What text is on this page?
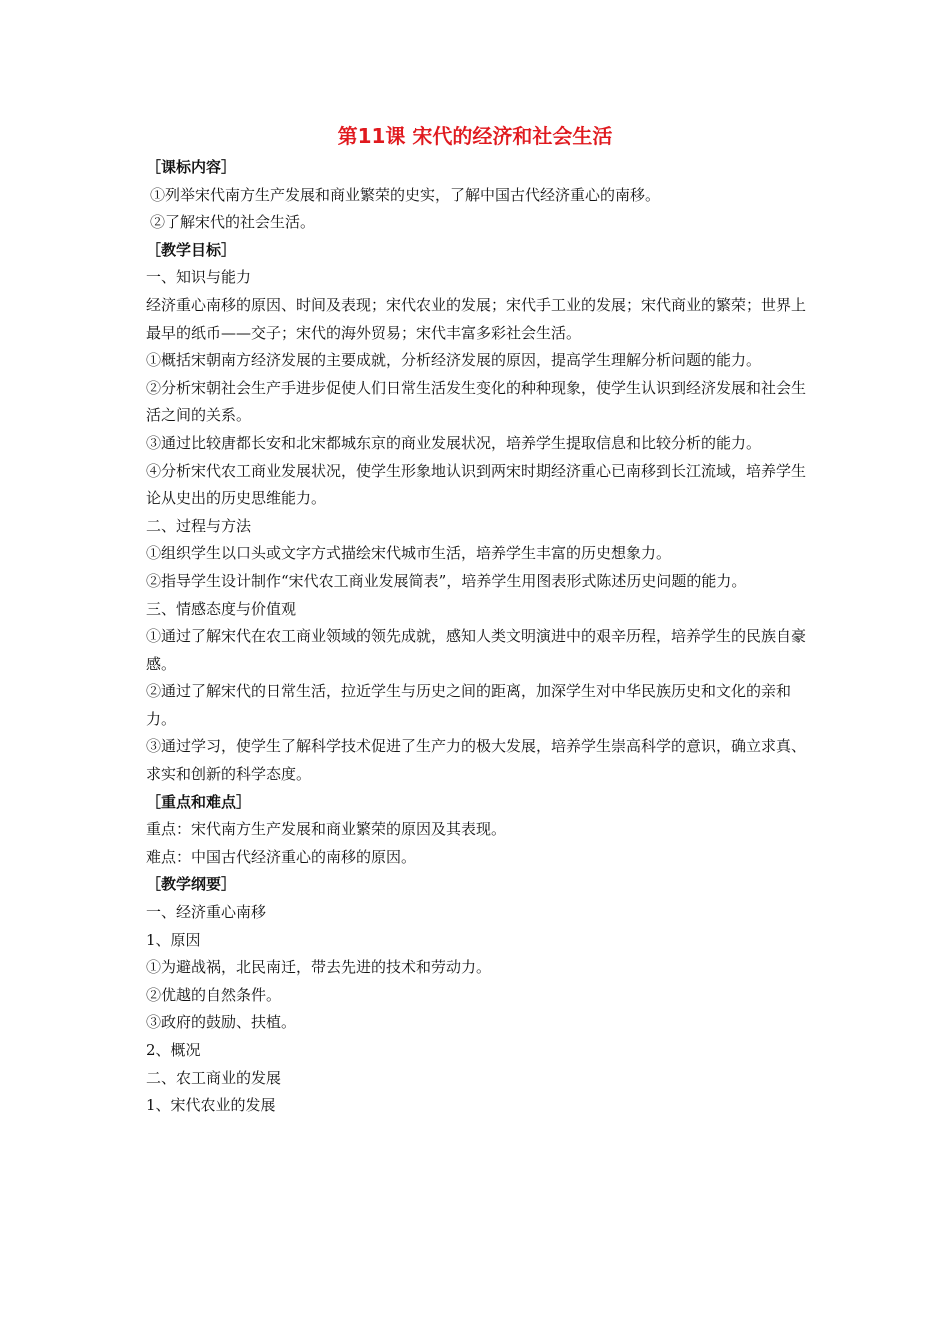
第11课 宋代的经济和社会生活
［课标内容］
①列举宋代南方生产发展和商业繁荣的史实，了解中国古代经济重心的南移。
②了解宋代的社会生活。
［教学目标］
一、知识与能力
经济重心南移的原因、时间及表现；宋代农业的发展；宋代手工业的发展；宋代商业的繁荣；世界上最早的纸币——交子；宋代的海外贸易；宋代丰富多彩社会生活。
①概括宋朝南方经济发展的主要成就，分析经济发展的原因，提高学生理解分析问题的能力。
②分析宋朝社会生产手进步促使人们日常生活发生变化的种种现象，使学生认识到经济发展和社会生活之间的关系。
③通过比较唐都长安和北宋都城东京的商业发展状况，培养学生提取信息和比较分析的能力。
④分析宋代农工商业发展状况，使学生形象地认识到两宋时期经济重心已南移到长江流域，培养学生论从史出的历史思维能力。
二、过程与方法
①组织学生以口头或文字方式描绘宋代城市生活，培养学生丰富的历史想象力。
②指导学生设计制作“宋代农工商业发展简表”，培养学生用图表形式陈述历史问题的能力。
三、情感态度与价值观
①通过了解宋代在农工商业领域的领先成就，感知人类文明演进中的艰辛历程，培养学生的民族自豪感。
②通过了解宋代的日常生活，拉近学生与历史之间的距离，加深学生对中华民族历史和文化的亲和力。
③通过学习，使学生了解科学技术促进了生产力的极大发展，培养学生崇高科学的意识，确立求真、求实和创新的科学态度。
［重点和难点］
重点：宋代南方生产发展和商业繁荣的原因及其表现。
难点：中国古代经济重心的南移的原因。
［教学纲要］
一、经济重心南移
1、原因
①为避战祸，北民南迁，带去先进的技术和劳动力。
②优越的自然条件。
③政府的鼓励、扶植。
2、概况
二、农工商业的发展
1、宋代农业的发展
